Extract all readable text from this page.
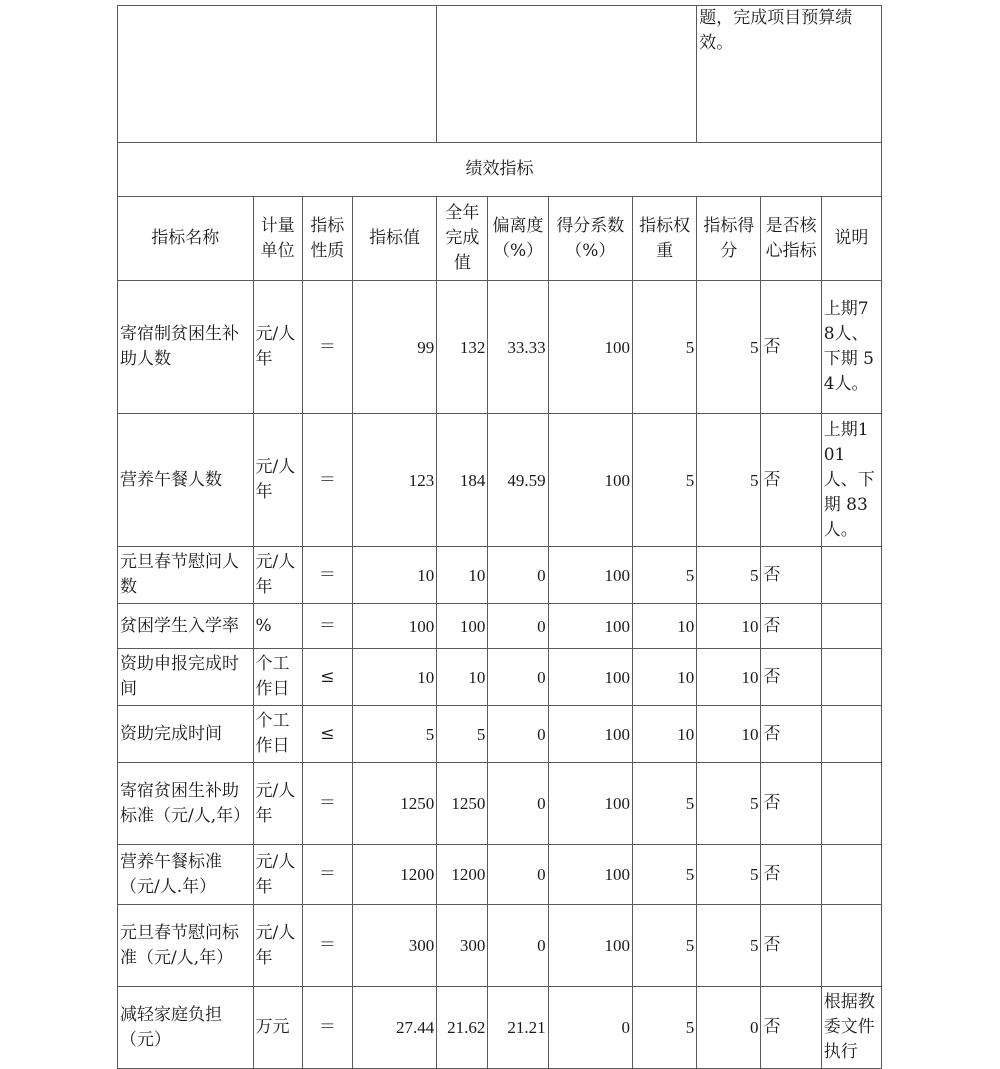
								题，完成项目预算绩效。		
绩效指标										
指标名称	计量单位	指标性质	指标值	全年完成值	偏离度（%）	得分系数（%）	指标权重	指标得分	是否核心指标	说明
寄宿制贫困生补助人数	元/人年	＝	99	132	33.33	100	5	5	否	上期78人、下期 54人。
营养午餐人数	元/人年	＝	123	184	49.59	100	5	5	否	上期101人、下期 83人。
元旦春节慰问人数	元/人年	＝	10	10	0	100	5	5	否	
贫困学生入学率	%	＝	100	100	0	100	10	10	否	
资助申报完成时间	个工作日	≤	10	10	0	100	10	10	否	
资助完成时间	个工作日	≤	5	5	0	100	10	10	否	
寄宿贫困生补助标准（元/人,年）	元/人年	＝	1250	1250	0	100	5	5	否	
营养午餐标准（元/人.年）	元/人年	＝	1200	1200	0	100	5	5	否	
元旦春节慰问标准（元/人,年）	元/人年	＝	300	300	0	100	5	5	否	
减轻家庭负担（元）	万元	＝	27.44	21.62	21.21	0	5	0	否	根据教委文件执行
